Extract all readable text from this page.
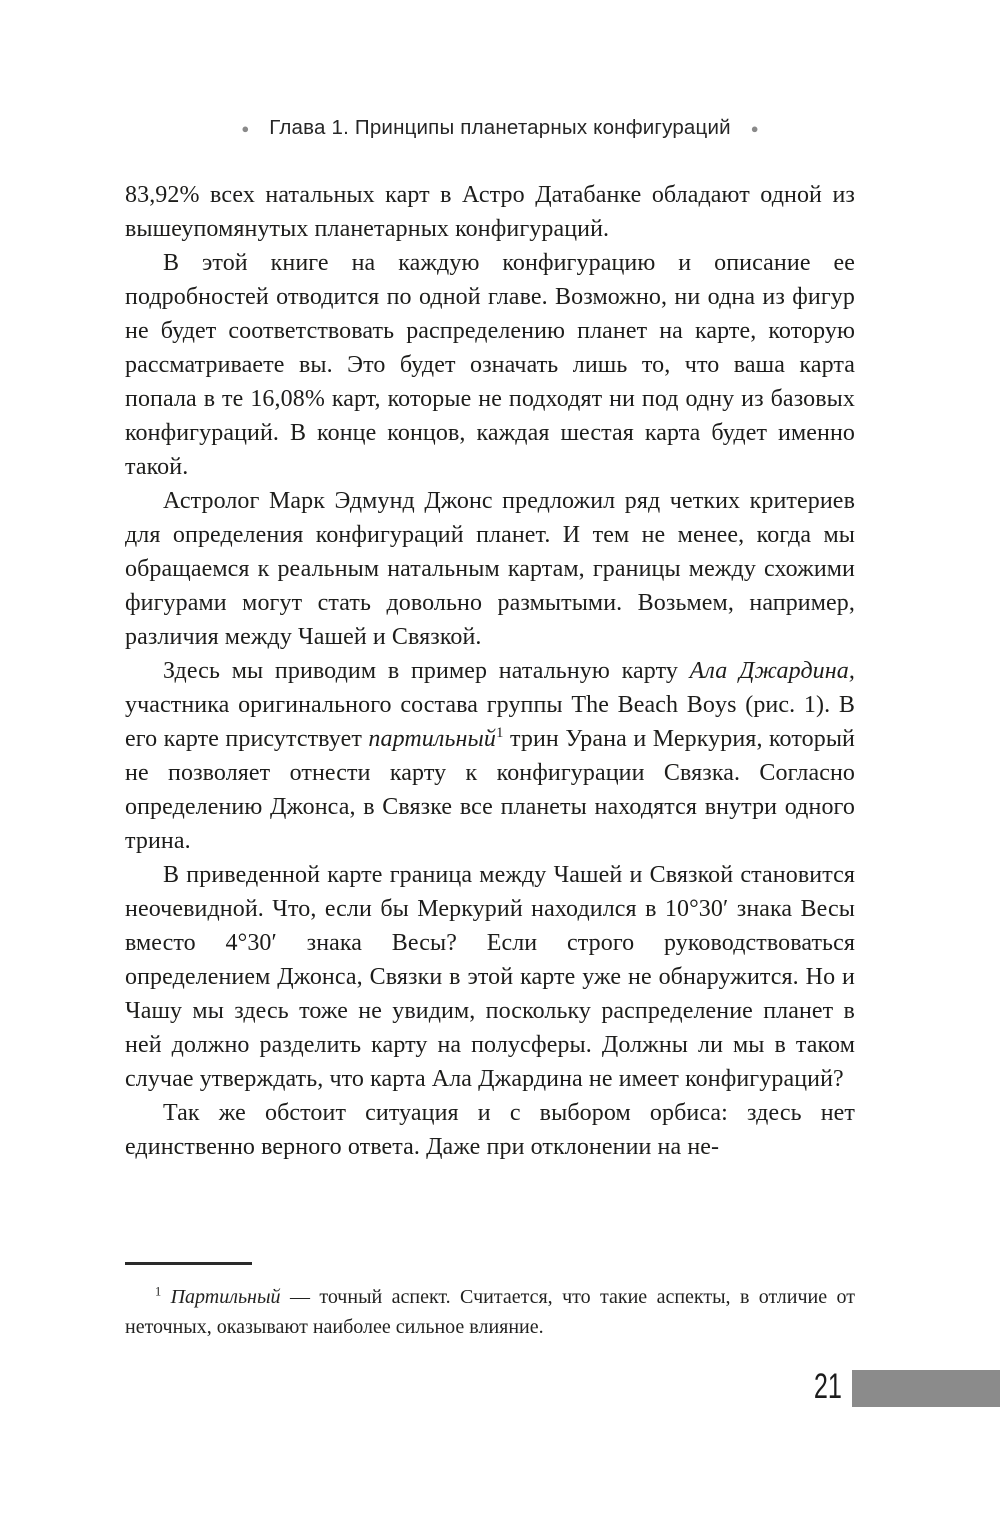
● Глава 1. Принципы планетарных конфигураций ●

83,92% всех натальных карт в Астро Датабанке обладают одной из вышеупомянутых планетарных конфигураций.

В этой книге на каждую конфигурацию и описание ее подробностей отводится по одной главе. Возможно, ни одна из фигур не будет соответствовать распределению планет на карте, которую рассматриваете вы. Это будет означать лишь то, что ваша карта попала в те 16,08% карт, которые не подходят ни под одну из базовых конфигураций. В конце концов, каждая шестая карта будет именно такой.

Астролог Марк Эдмунд Джонс предложил ряд четких критериев для определения конфигураций планет. И тем не менее, когда мы обращаемся к реальным натальным картам, границы между схожими фигурами могут стать довольно размытыми. Возьмем, например, различия между Чашей и Связкой.

Здесь мы приводим в пример натальную карту Ала Джардина, участника оригинального состава группы The Beach Boys (рис. 1). В его карте присутствует партильный$^1$ трин Урана и Меркурия, который не позволяет отнести карту к конфигурации Связка. Согласно определению Джонса, в Связке все планеты находятся внутри одного трина.

В приведенной карте граница между Чашей и Связкой становится неочевидной. Что, если бы Меркурий находился в 10°30′ знака Весы вместо 4°30′ знака Весы? Если строго руководствоваться определением Джонса, Связки в этой карте уже не обнаружится. Но и Чашу мы здесь тоже не увидим, поскольку распределение планет в ней должно разделить карту на полусферы. Должны ли мы в таком случае утверждать, что карта Ала Джардина не имеет конфигураций?

Так же обстоит ситуация и с выбором орбиса: здесь нет единственно верного ответа. Даже при отклонении на не-

$^1$ Партильный — точный аспект. Считается, что такие аспекты, в отличие от неточных, оказывают наиболее сильное влияние.

21
